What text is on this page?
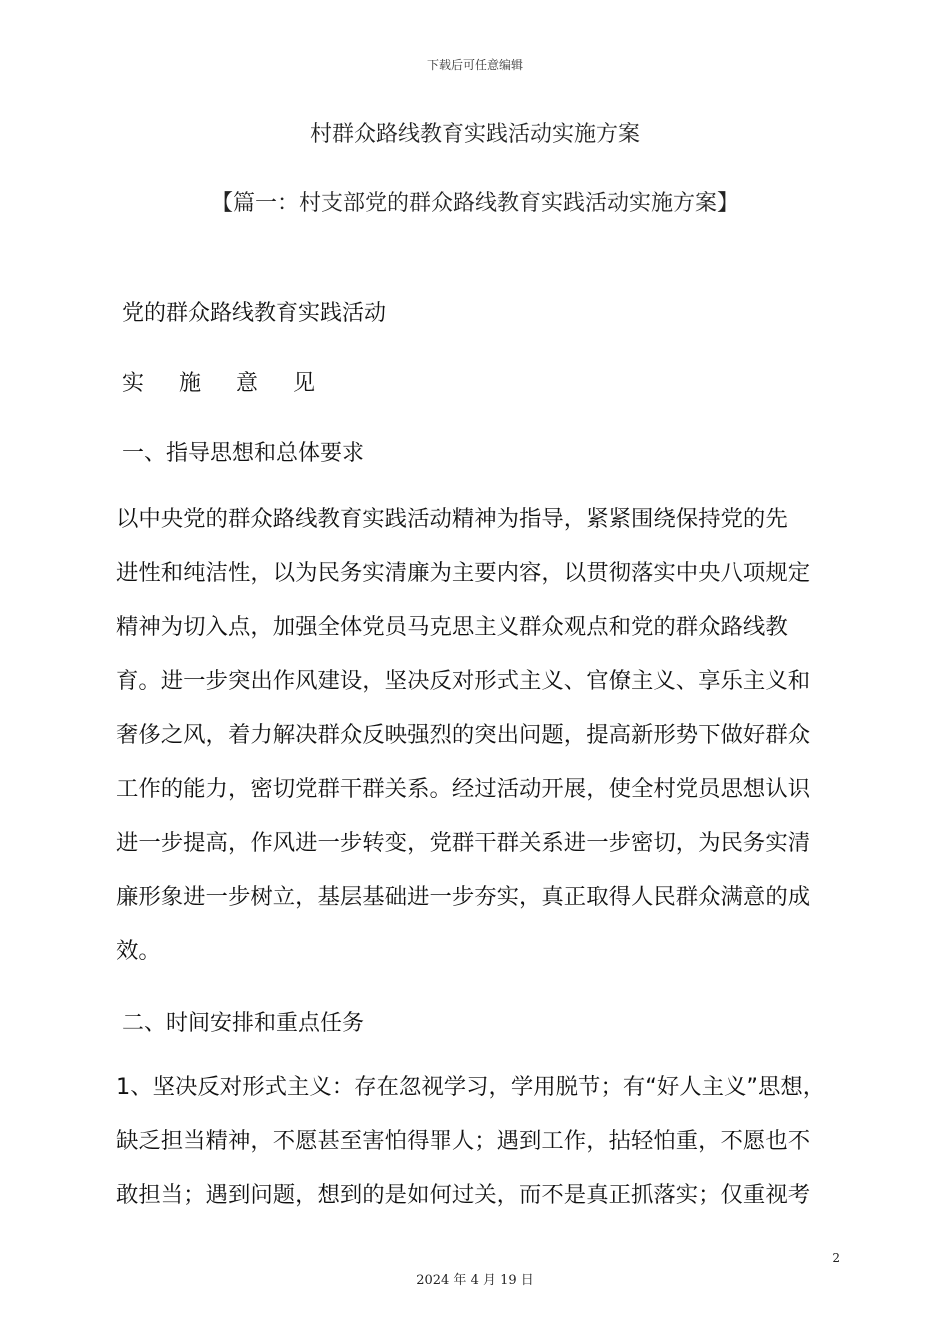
下载后可任意编辑
村群众路线教育实践活动实施方案
【篇一：村支部党的群众路线教育实践活动实施方案】
党的群众路线教育实践活动
实 施 意 见
一、指导思想和总体要求
以中央党的群众路线教育实践活动精神为指导，紧紧围绕保持党的先
进性和纯洁性，以为民务实清廉为主要内容，以贯彻落实中央八项规定
精神为切入点，加强全体党员马克思主义群众观点和党的群众路线教
育。进一步突出作风建设，坚决反对形式主义、官僚主义、享乐主义和
奢侈之风，着力解决群众反映强烈的突出问题，提高新形势下做好群众
工作的能力，密切党群干群关系。经过活动开展，使全村党员思想认识
进一步提高，作风进一步转变，党群干群关系进一步密切，为民务实清
廉形象进一步树立，基层基础进一步夯实，真正取得人民群众满意的成
效。
二、时间安排和重点任务
1、坚决反对形式主义：存在忽视学习，学用脱节；有“好人主义”思想，
缺乏担当精神，不愿甚至害怕得罪人；遇到工作，拈轻怕重，不愿也不
敢担当；遇到问题，想到的是如何过关，而不是真正抓落实；仅重视考
2
2024 年 4 月 19 日
